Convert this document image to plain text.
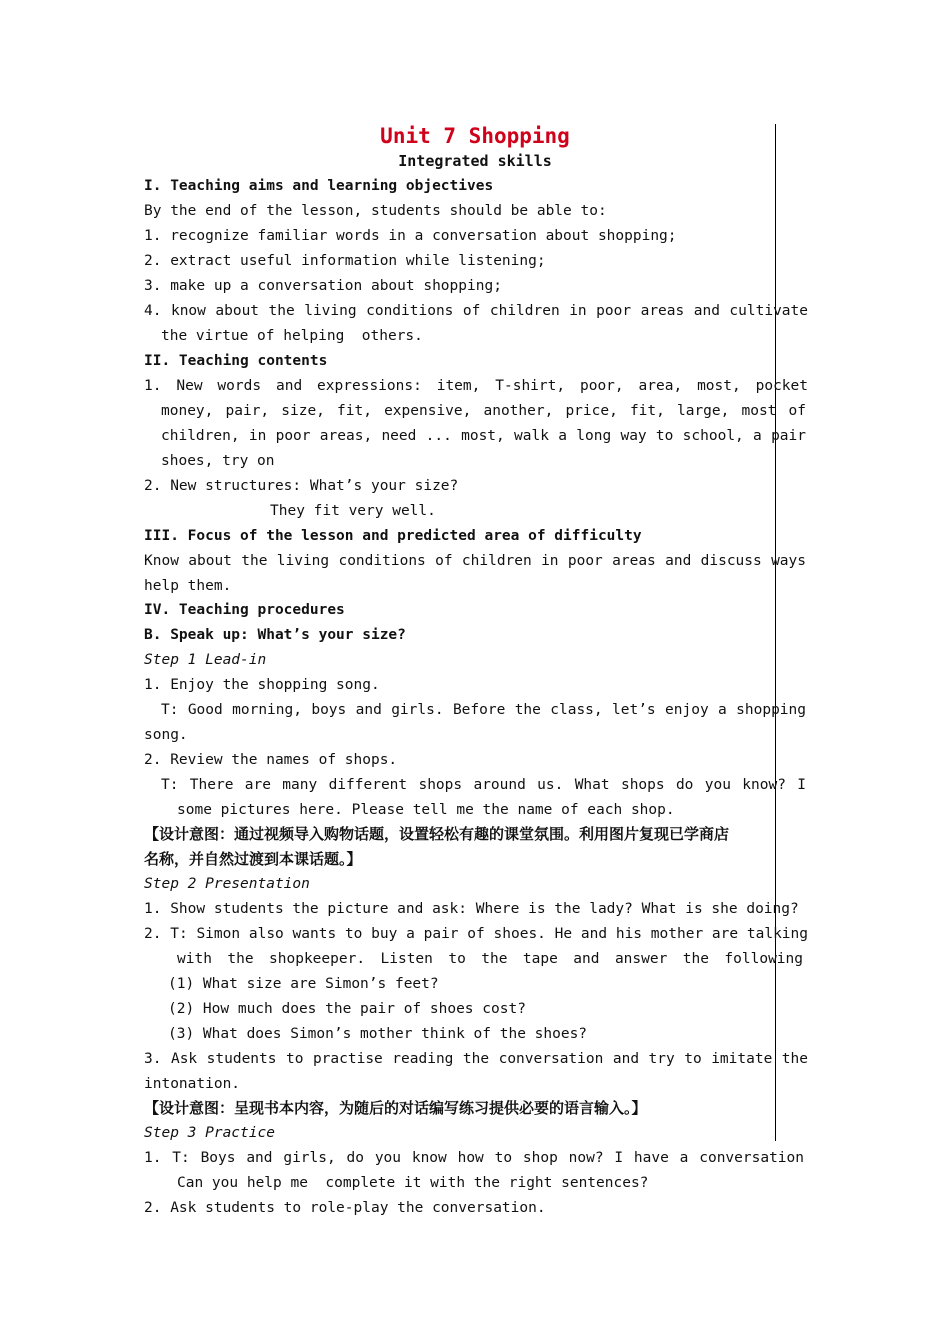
Unit 7 Shopping
Integrated skills
I. Teaching aims and learning objectives
By the end of the lesson, students should be able to:
1. recognize familiar words in a conversation about shopping;
2. extract useful information while listening;
3. make up a conversation about shopping;
4. know about the living conditions of children in poor areas and cultivate
the virtue of helping  others.
II. Teaching contents
1. New words and expressions: item, T-shirt, poor, area, most, pocket
money, pair, size, fit, expensive, another, price, fit, large, most of
children, in poor areas, need ... most, walk a long way to school, a pair
shoes, try on
2. New structures: What’s your size?
They fit very well.
III. Focus of the lesson and predicted area of difficulty
Know about the living conditions of children in poor areas and discuss ways
help them.
IV. Teaching procedures
B. Speak up: What’s your size?
Step 1 Lead-in
1. Enjoy the shopping song.
T: Good morning, boys and girls. Before the class, let’s enjoy a shopping
song.
2. Review the names of shops.
T: There are many different shops around us. What shops do you know? I
some pictures here. Please tell me the name of each shop.
【设计意图：通过视频导入购物话题，设置轻松有趣的课堂氛围。利用图片复现已学商店
名称，并自然过渡到本课话题。】
Step 2 Presentation
1. Show students the picture and ask: Where is the lady? What is she doing?
2. T: Simon also wants to buy a pair of shoes. He and his mother are talking
with the shopkeeper. Listen to the tape and answer the following
(1) What size are Simon’s feet?
(2) How much does the pair of shoes cost?
(3) What does Simon’s mother think of the shoes?
3. Ask students to practise reading the conversation and try to imitate the
intonation.
【设计意图：呈现书本内容，为随后的对话编写练习提供必要的语言输入。】
Step 3 Practice
1. T: Boys and girls, do you know how to shop now? I have a conversation
Can you help me  complete it with the right sentences?
2. Ask students to role-play the conversation.
